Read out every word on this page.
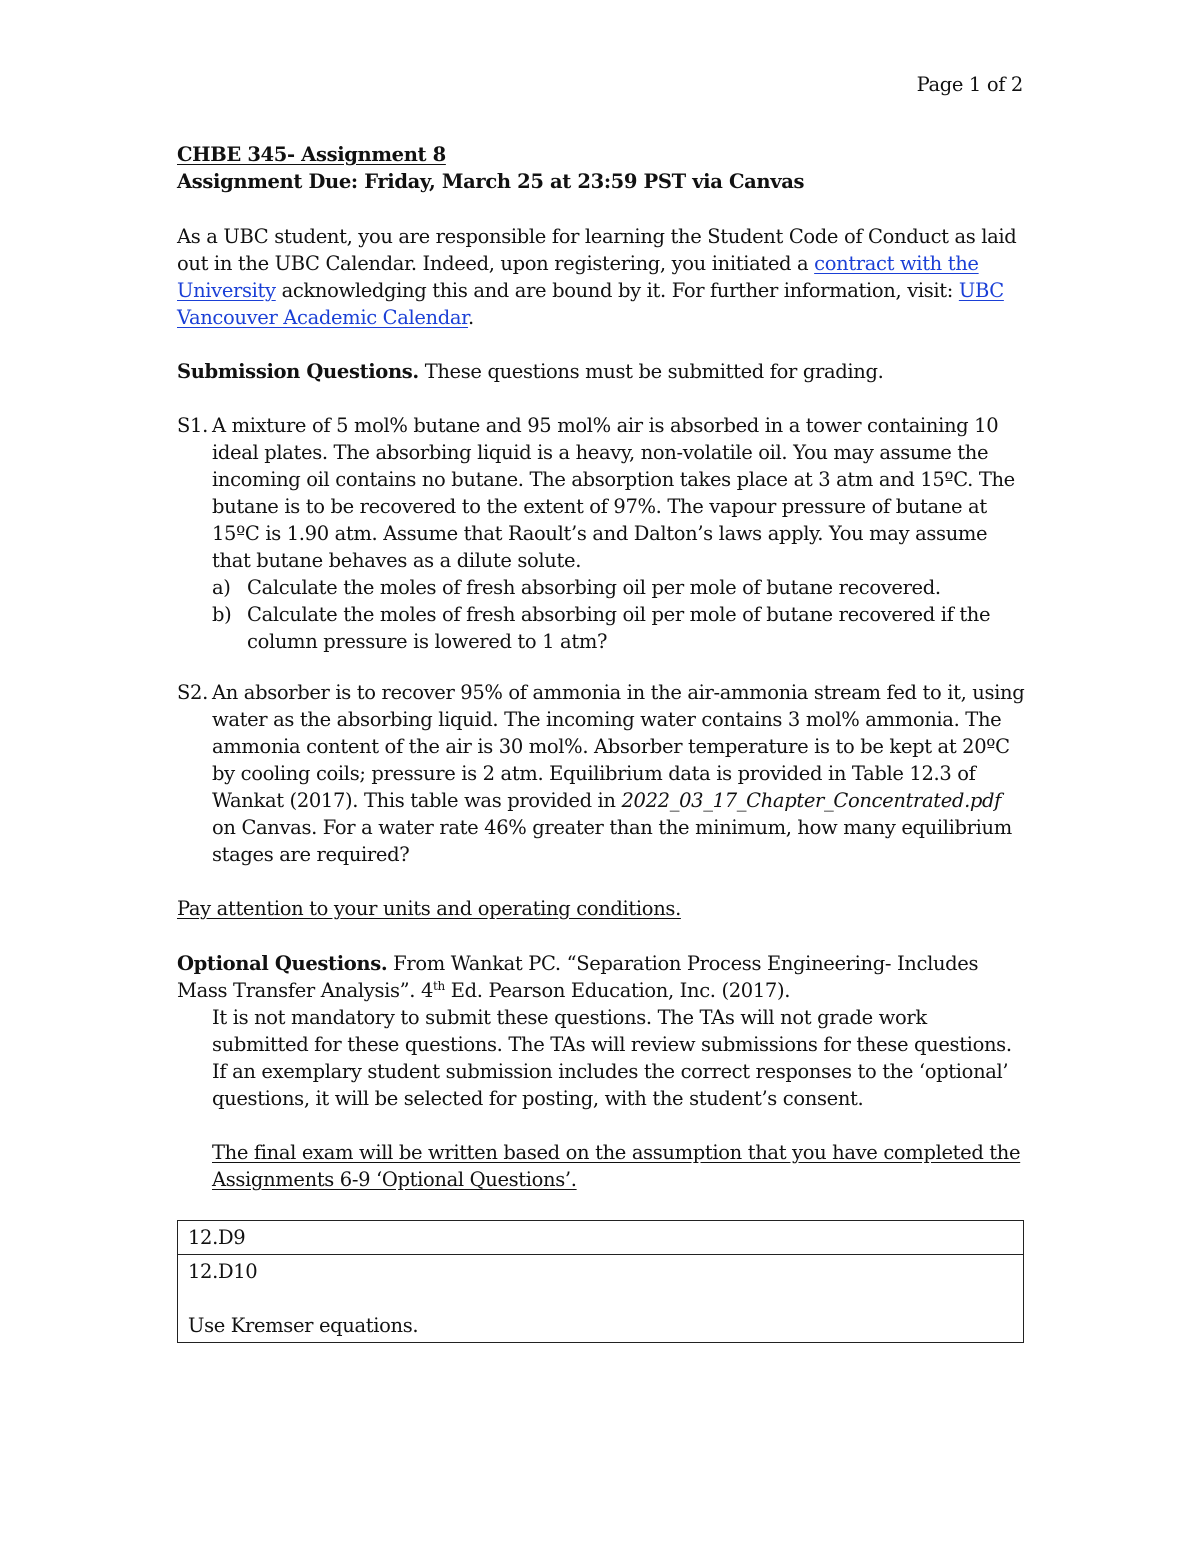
Page 1 of 2
CHBE 345- Assignment 8
Assignment Due: Friday, March 25 at 23:59 PST via Canvas
As a UBC student, you are responsible for learning the Student Code of Conduct as laid out in the UBC Calendar. Indeed, upon registering, you initiated a contract with the University acknowledging this and are bound by it. For further information, visit: UBC Vancouver Academic Calendar.
Submission Questions. These questions must be submitted for grading.
S1. A mixture of 5 mol% butane and 95 mol% air is absorbed in a tower containing 10 ideal plates. The absorbing liquid is a heavy, non-volatile oil. You may assume the incoming oil contains no butane. The absorption takes place at 3 atm and 15ºC. The butane is to be recovered to the extent of 97%. The vapour pressure of butane at 15ºC is 1.90 atm. Assume that Raoult’s and Dalton’s laws apply. You may assume that butane behaves as a dilute solute.
a) Calculate the moles of fresh absorbing oil per mole of butane recovered.
b) Calculate the moles of fresh absorbing oil per mole of butane recovered if the column pressure is lowered to 1 atm?
S2. An absorber is to recover 95% of ammonia in the air-ammonia stream fed to it, using water as the absorbing liquid. The incoming water contains 3 mol% ammonia. The ammonia content of the air is 30 mol%. Absorber temperature is to be kept at 20ºC by cooling coils; pressure is 2 atm. Equilibrium data is provided in Table 12.3 of Wankat (2017). This table was provided in 2022_03_17_Chapter_Concentrated.pdf on Canvas. For a water rate 46% greater than the minimum, how many equilibrium stages are required?
Pay attention to your units and operating conditions.
Optional Questions. From Wankat PC. “Separation Process Engineering- Includes Mass Transfer Analysis”. 4th Ed. Pearson Education, Inc. (2017).
It is not mandatory to submit these questions. The TAs will not grade work submitted for these questions. The TAs will review submissions for these questions. If an exemplary student submission includes the correct responses to the ‘optional’ questions, it will be selected for posting, with the student’s consent.
The final exam will be written based on the assumption that you have completed the Assignments 6-9 ‘Optional Questions’.
12.D9

12.D10
Use Kremser equations.
